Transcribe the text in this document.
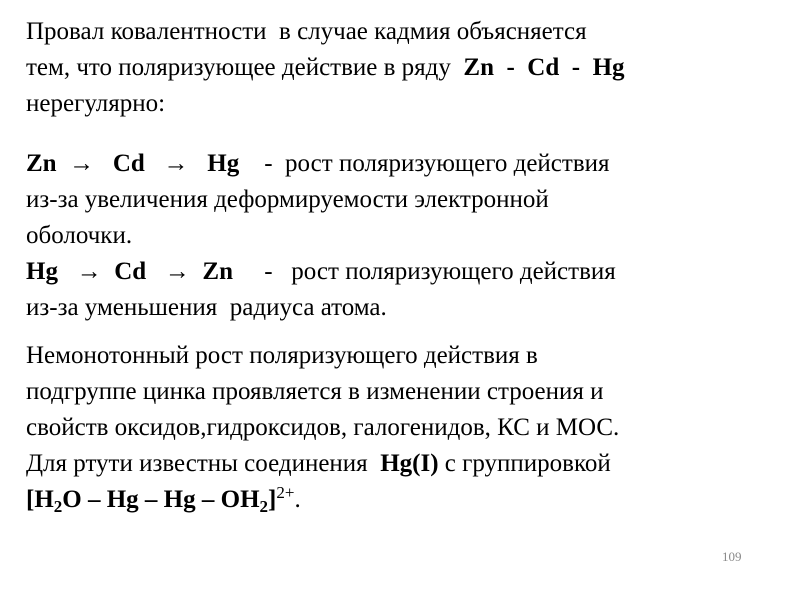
Провал ковалентности  в случае кадмия объясняется
тем, что поляризующее действие в ряду  Zn  -  Cd  -  Hg
нерегулярно:
Zn  →   Cd   →   Hg    -  рост поляризующего действия
из-за увеличения деформируемости электронной
оболочки.
Hg   →  Cd   →  Zn     -   рост поляризующего действия
из-за уменьшения  радиуса атома.
Немонотонный рост поляризующего действия в
подгруппе цинка проявляется в изменении строения и
свойств оксидов,гидроксидов, галогенидов, КС и МОС.
Для ртути известны соединения  Hg(I) с группировкой
[$H_2O$ – Hg – Hg – $OH_2]^{2+}$.
109
